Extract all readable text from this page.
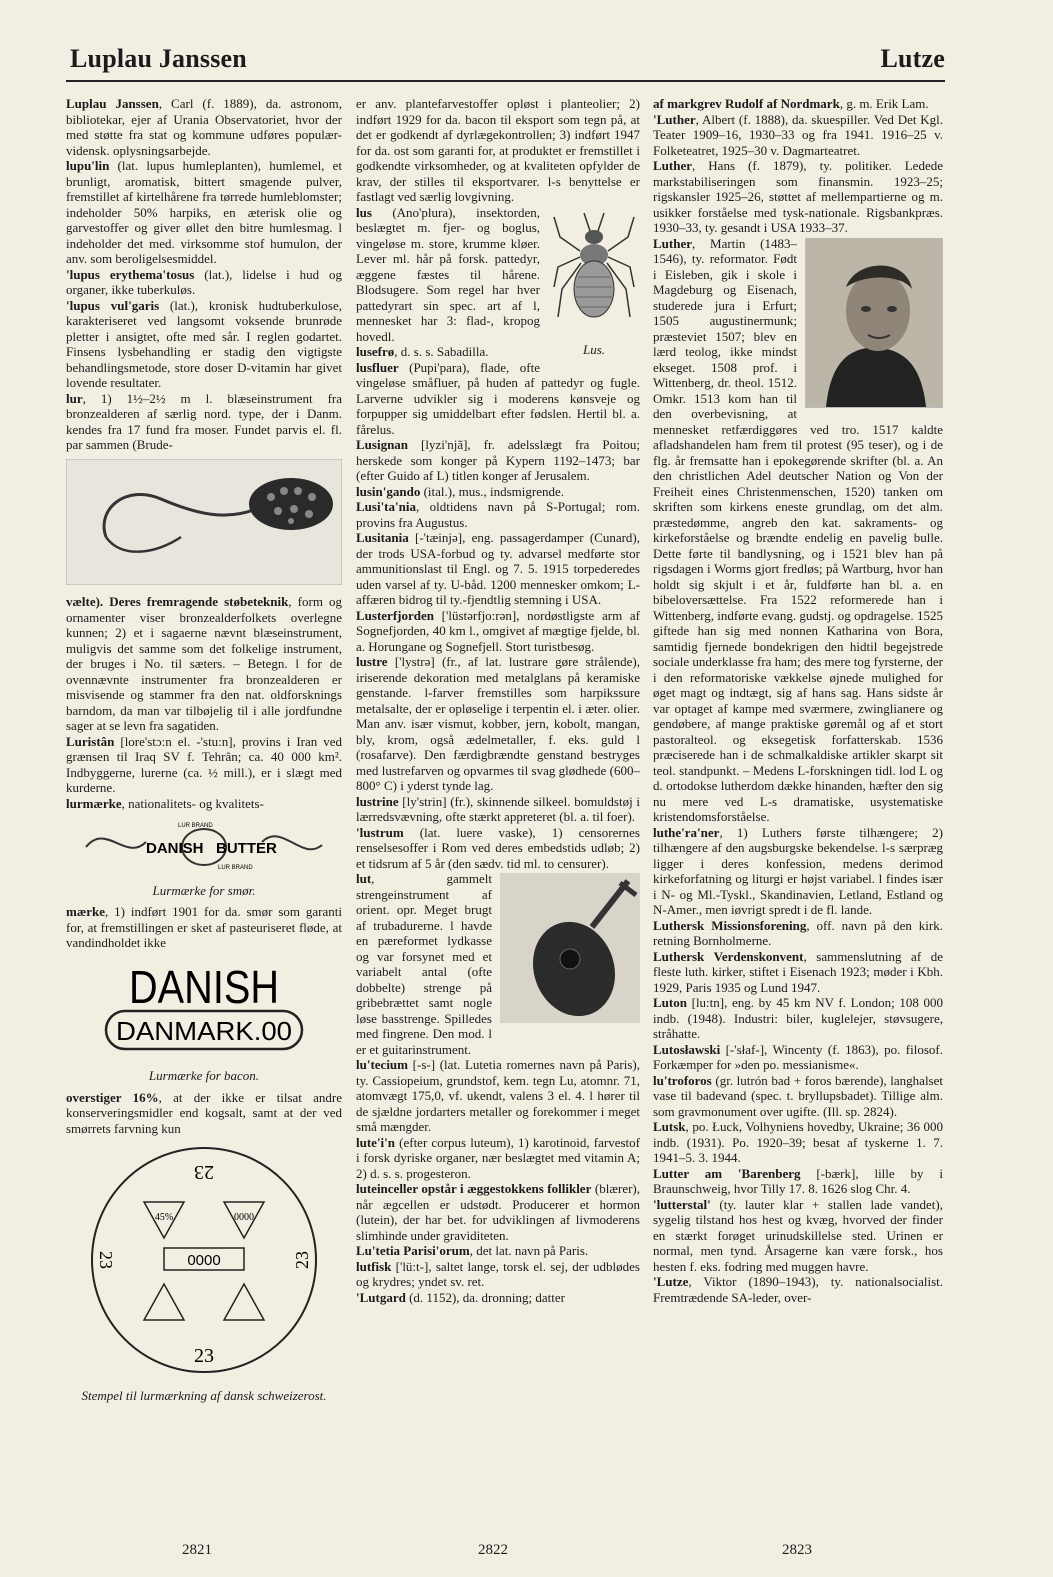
Luplau Janssen	Lutze

Luplau Janssen, Carl (f. 1889), da. astronom, bibliotekar, ejer af Urania Observatoriet, hvor der med støtte fra stat og kommune udføres populær-vidensk. oplysningsarbejde.

lupu'lin (lat. lupus humleplanten), humlemel, et brunligt, aromatisk, bittert smagende pulver, fremstillet af kirtelhårene fra tørrede humleblomster; indeholder 50% harpiks, en æterisk olie og garvestoffer og giver øllet den bitre humlesmag. l indeholder det med. virksomme stof humulon, der anv. som beroligelsesmiddel.

'lupus erythema'tosus (lat.), lidelse i hud og organer, ikke tuberkuløs.

'lupus vul'garis (lat.), kronisk hudtuberkulose, karakteriseret ved langsomt voksende brunrøde pletter i ansigtet, ofte med sår. I reglen godartet. Finsens lysbehandling er stadig den vigtigste behandlingsmetode, store doser D-vitamin har givet lovende resultater.

lur, 1) 1½–2½ m l. blæseinstrument fra bronzealderen af særlig nord. type, der i Danm. kendes fra 17 fund fra moser. Fundet parvis el. fl. par sammen (Brude-

vælte). Deres fremragende støbeteknik, form og ornamenter viser bronzealderfolkets overlegne kunnen; 2) et i sagaerne nævnt blæseinstrument, muligvis det samme som det folkelige instrument, der bruges i No. til sæters. – Betegn. l for de ovennævnte instrumenter fra bronzealderen er misvisende og stammer fra den nat. oldforsknings barndom, da man var tilbøjelig til i alle jordfundne sager at se levn fra sagatiden.

Luristân [lore'stɔ:n el. -'stu:n], provins i Iran ved grænsen til Iraq SV f. Tehrân; ca. 40 000 km². Indbyggerne, lurerne (ca. ½ mill.), er i slægt med kurderne.

lurmærke, nationalitets- og kvalitets-

LUR BRAND
DANISH BUTTER
LUR BRAND

Lurmærke for smør.

mærke, 1) indført 1901 for da. smør som garanti for, at fremstillingen er sket af pasteuriseret fløde, at vandindholdet ikke

DANISH
DANMARK.00

Lurmærke for bacon.

overstiger 16%, at der ikke er tilsat andre konserveringsmidler end kogsalt, samt at der ved smørrets farvning kun

23
23
23	23
0000
45%	0000

Stempel til lurmærkning af dansk schweizerost.

er anv. plantefarvestoffer opløst i planteolier; 2) indført 1929 for da. bacon til eksport som tegn på, at det er godkendt af dyrlægekontrollen; 3) indført 1947 for da. ost som garanti for, at produktet er fremstillet i godkendte virksomheder, og at kvaliteten opfylder de krav, der stilles til eksportvarer. l-s benyttelse er fastlagt ved særlig lovgivning.

Lus.

lus (Ano'plura), insektorden, beslægtet m. fjer- og boglus, vingeløse m. store, krumme kløer. Lever ml. hår på forsk. pattedyr, æggene fæstes til hårene. Blodsugere. Som regel har hver pattedyrart sin spec. art af l, mennesket har 3: flad-, kropog hovedl.

lusefrø, d. s. s. Sabadilla.

lusfluer (Pupi'para), flade, ofte vingeløse småfluer, på huden af pattedyr og fugle. Larverne udvikler sig i moderens kønsveje og forpupper sig umiddelbart efter fødslen. Hertil bl. a. fårelus.

Lusignan [lyzi'njã], fr. adelsslægt fra Poitou; herskede som konger på Kypern 1192–1473; bar (efter Guido af L) titlen konger af Jerusalem.

lusin'gando (ital.), mus., indsmigrende.

Lusi'ta'nia, oldtidens navn på S-Portugal; rom. provins fra Augustus.

Lusitania [-'tæinjə], eng. passagerdamper (Cunard), der trods USA-forbud og ty. advarsel medførte stor ammunitionslast til Engl. og 7. 5. 1915 torpederedes uden varsel af ty. U-båd. 1200 mennesker omkom; L-affæren bidrog til ty.-fjendtlig stemning i USA.

Lusterfjorden ['lüstərfjo:rən], nordøstligste arm af Sognefjorden, 40 km l., omgivet af mægtige fjelde, bl. a. Horungane og Sognefjell. Stort turistbesøg.

lustre ['lystrə] (fr., af lat. lustrare gøre strålende), iriserende dekoration med metalglans på keramiske genstande. l-farver fremstilles som harpikssure metalsalte, der er opløselige i terpentin el. i æter. olier. Man anv. især vismut, kobber, jern, kobolt, mangan, bly, krom, også ædelmetaller, f. eks. guld l (rosafarve). Den færdigbrændte genstand bestryges med lustrefarven og opvarmes til svag glødhede (600–800° C) i yderst tynde lag.

lustrine [ly'strin] (fr.), skinnende silkeel. bomuldstøj i lærredsvævning, ofte stærkt appreteret (bl. a. til foer).

'lustrum (lat. luere vaske), 1) censorernes renselsesoffer i Rom ved deres embedstids udløb; 2) et tidsrum af 5 år (den sædv. tid ml. to censurer).

lut, gammelt strengeinstrument af orient. opr. Meget brugt af trubadurerne. l havde en pæreformet lydkasse og var forsynet med et variabelt antal (ofte dobbelte) strenge på gribebrættet samt nogle løse basstrenge. Spilledes med fingrene. Den mod. l er et guitarinstrument.

lu'tecium [-s-] (lat. Lutetia romernes navn på Paris), ty. Cassiopeium, grundstof, kem. tegn Lu, atomnr. 71, atomvægt 175,0, vf. ukendt, valens 3 el. 4. l hører til de sjældne jordarters metaller og forekommer i meget små mængder.

lute'i'n (efter corpus luteum), 1) karotinoid, farvestof i forsk dyriske organer, nær beslægtet med vitamin A; 2) d. s. s. progesteron.

luteinceller opstår i æggestokkens follikler (blærer), når ægcellen er udstødt. Producerer et hormon (lutein), der har bet. for udviklingen af livmoderens slimhinde under graviditeten.

Lu'tetia Parisi'orum, det lat. navn på Paris.

lutfisk ['lü:t-], saltet lange, torsk el. sej, der udblødes og krydres; yndet sv. ret.

'Lutgard (d. 1152), da. dronning; datter

af markgrev Rudolf af Nordmark, g. m. Erik Lam.

'Luther, Albert (f. 1888), da. skuespiller. Ved Det Kgl. Teater 1909–16, 1930–33 og fra 1941. 1916–25 v. Folketeatret, 1925–30 v. Dagmarteatret.

Luther, Hans (f. 1879), ty. politiker. Ledede markstabiliseringen som finansmin. 1923–25; rigskansler 1925–26, støttet af mellempartierne og m. usikker forståelse med tysk-nationale. Rigsbankpræs. 1930–33, ty. gesandt i USA 1933–37.

Luther, Martin (1483–1546), ty. reformator. Født i Eisleben, gik i skole i Magdeburg og Eisenach, studerede jura i Erfurt; 1505 augustinermunk; præsteviet 1507; blev en lærd teolog, ikke mindst ekseget. 1508 prof. i Wittenberg, dr. theol. 1512. Omkr. 1513 kom han til den overbevisning, at mennesket retfærdiggøres ved tro. 1517 kaldte afladshandelen ham frem til protest (95 teser), og i de flg. år fremsatte han i epokegørende skrifter (bl. a. An den christlichen Adel deutscher Nation og Von der Freiheit eines Christenmenschen, 1520) tanken om skriften som kirkens eneste grundlag, om det alm. præstedømme, angreb den kat. sakraments- og kirkeforståelse og brændte endelig en pavelig bulle. Dette førte til bandlysning, og i 1521 blev han på rigsdagen i Worms gjort fredløs; på Wartburg, hvor han holdt sig skjult i et år, fuldførte han bl. a. en bibeloversættelse. Fra 1522 reformerede han i Wittenberg, indførte evang. gudstj. og opdragelse. 1525 giftede han sig med nonnen Katharina von Bora, samtidig fjernede bondekrigen den hidtil begejstrede sociale underklasse fra ham; des mere tog fyrsterne, der i den reformatoriske vækkelse øjnede mulighed for øget magt og indtægt, sig af hans sag. Hans sidste år var optaget af kampe med sværmere, zwinglianere og gendøbere, af mange praktiske gøremål og af et stort pastoralteol. og eksegetisk forfatterskab. 1536 præciserede han i de schmalkaldiske artikler skarpt sit teol. standpunkt. – Medens L-forskningen tidl. lod L og d. ortodokse lutherdom dække hinanden, hæfter den sig nu mere ved L-s dramatiske, usystematiske kristendomsforståelse.

luthe'ra'ner, 1) Luthers første tilhængere; 2) tilhængere af den augsburgske bekendelse. l-s særpræg ligger i deres konfession, medens derimod kirkeforfatning og liturgi er højst variabel. l findes især i N- og Ml.-Tyskl., Skandinavien, Letland, Estland og N-Amer., men iøvrigt spredt i de fl. lande.

Luthersk Missionsforening, off. navn på den kirk. retning Bornholmerne.

Luthersk Verdenskonvent, sammenslutning af de fleste luth. kirker, stiftet i Eisenach 1923; møder i Kbh. 1929, Paris 1935 og Lund 1947.

Luton [lu:tn], eng. by 45 km NV f. London; 108 000 indb. (1948). Industri: biler, kuglelejer, støvsugere, stråhatte.

Lutosławski [-'słaf-], Wincenty (f. 1863), po. filosof. Forkæmper for »den po. messianisme«.

lu'troforos (gr. lutrón bad + foros bærende), langhalset vase til badevand (spec. t. bryllupsbadet). Tillige alm. som gravmonument over ugifte. (Ill. sp. 2824).

Lutsk, po. Łuck, Volhyniens hovedby, Ukraine; 36 000 indb. (1931). Po. 1920–39; besat af tyskerne 1. 7. 1941–5. 3. 1944.

Lutter am 'Barenberg [-bærk], lille by i Braunschweig, hvor Tilly 17. 8. 1626 slog Chr. 4.

'lutterstal' (ty. lauter klar + stallen lade vandet), sygelig tilstand hos hest og kvæg, hvorved der finder en stærkt forøget urinudskillelse sted. Urinen er normal, men tynd. Årsagerne kan være forsk., hos hesten f. eks. fodring med muggen havre.

'Lutze, Viktor (1890–1943), ty. nationalsocialist. Fremtrædende SA-leder, over-

2821	2822	2823
